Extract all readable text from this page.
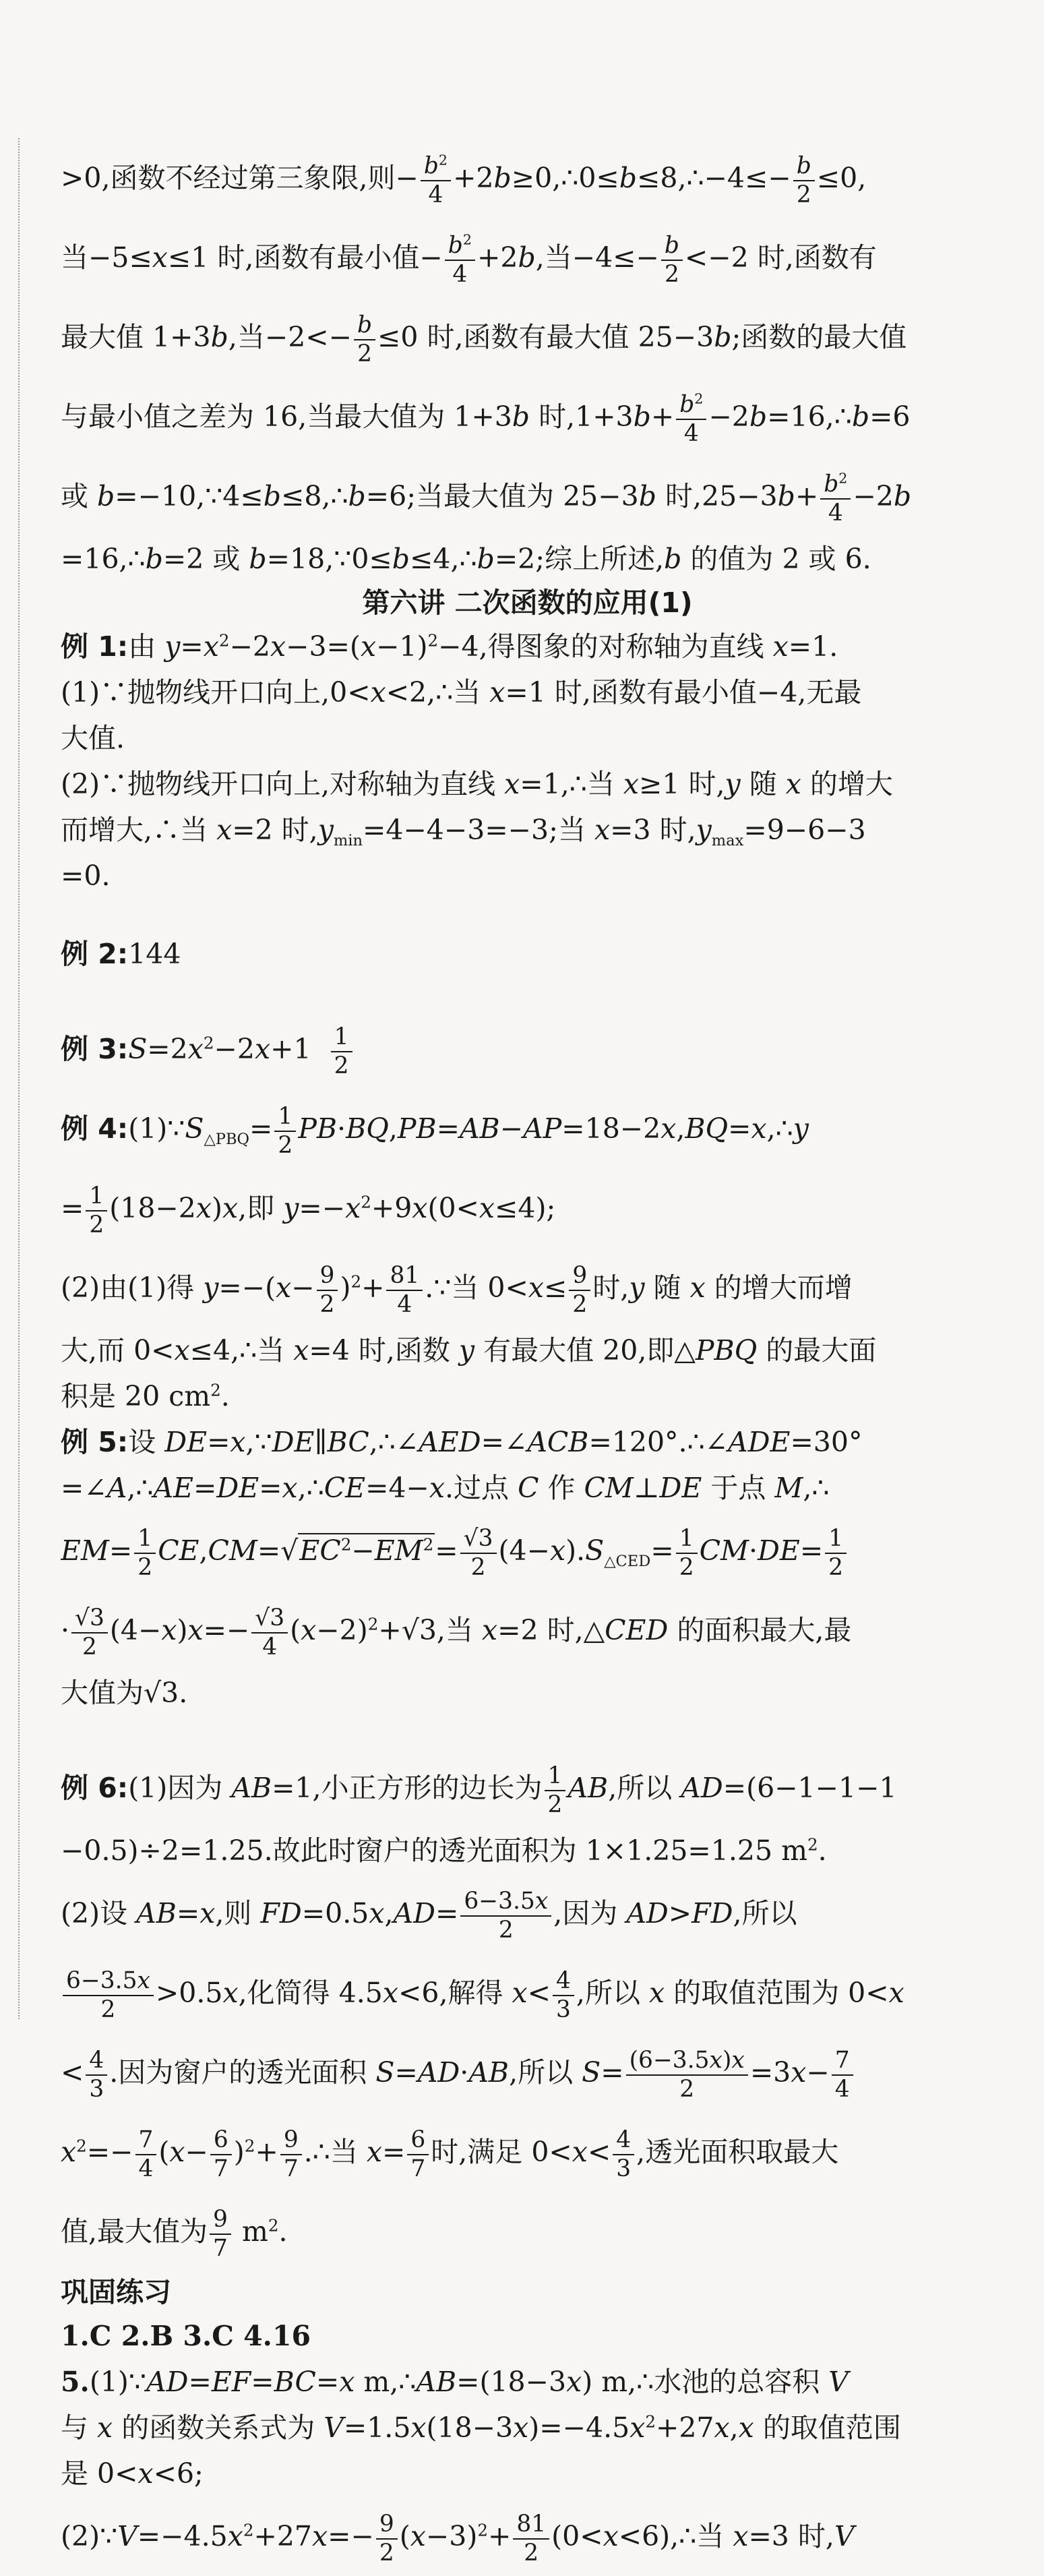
>0,函数不经过第三象限,则− $\frac{b^2}{4}$ +2b≥0,∴0≤b≤8,∴−4≤− $\frac{b}{2} \le 0$,
当−5≤x≤1 时,函数有最小值− $\frac{b^2}{4} +2b$,当$-4\le- \frac{b}{2} <-2$ 时,函数有
最大值 1+3b,当$-2<- \frac{b}{2} \le 0$ 时,函数有最大值 25−3b;函数的最大值
与最小值之差为 16,当最大值为 1+3b 时$,1+3b+ \frac{b^2}{4}$ −2b=16,∴b=6
或 b=−10,∵4≤b≤8,∴b=6;当最大值为 25−3b 时$,25-3b+ \frac{b^2}{4} -2b$
=16,∴b=2 或 b=18,∵0≤b≤4,∴b=2;综上所述,b 的值为 2 或 6.
第六讲 二次函数的应用(1)
例 1:由 $y=x^2-2x-3=(x-1)^2-4$,得图象的对称轴为直线 x=1.
(1)∵抛物线开口向上,0<x<2,∴当 x=1 时,函数有最小值−4,无最
大值.
(2)∵抛物线开口向上,对称轴为直线 x=1,∴当 x≥1 时,y 随 x 的增大
而增大,∴当 x=2 时$,y_{min}=4-4-3=-3$;当 x=3 时$,y_{max}=9-6-3$
=0.
例 2:144
例 $3:S=2x^2-2x+1 \frac{1}{2}$
例 $4:(1)\because S_{\triangle PBQ}= \frac{1}{2}$ PB·BQ,PB=AB−AP=18−2x,BQ=x,∴y
= $\frac{1}{2} (18-2x)x$,即 $y=-x^2+9x(0<x\le 4)$;
(2)由(1)得 $y=-(x- \frac{9}{2} )^2+ \frac{81}{4}$ .∵当 $0<x\le \frac{9}{2}$ 时,y 随 x 的增大而增
大,而 0<x≤4,∴当 x=4 时,函数 y 有最大值 20,即△PBQ 的最大面
积是 20 $cm^2$.
例 5:设 DE=x,∵DE∥BC,∴∠AED=∠ACB=120°.∴∠ADE=30°
=∠A,∴AE=DE=x,∴CE=4−x.过点 C 作 CM⊥DE 于点 M,∴
$EM= \frac{1}{2} CE,CM=√EC^2-EM^2= \frac{√3}{2} (4-x).S_{\triangle CED}= \frac{1}{2} CM\cdot DE= \frac{1}{2}$
· $\frac{√3}{2} (4-x)x=- \frac{√3}{4} (x-2)^2+√3$,当 x=2 时,△CED 的面积最大,最
大值为√3.
例 6:(1)因为 AB=1,小正方形的边长为 $\frac{1}{2}$ AB,所以 AD=(6−1−1−1
−0.5)÷2=1.25.故此时窗户的透光面积为 1×1.25=1.25 $m^2$.
(2)设 AB=x,则 $FD=0.5x,AD= \frac{6-3.5x}{2}$ ,因为 AD>FD,所以
$\frac{6-3.5x}{2} >0.5x$,化简得 4.5x<6,解得 $x< \frac{4}{3}$ ,所以 x 的取值范围为 0<x
< $\frac{4}{3}$ .因为窗户的透光面积 S=AD·AB,所以 $S= \frac{(6-3.5x)x}{2} =3x- \frac{7}{4}$
$x^2=- \frac{7}{4} (x- \frac{6}{7} )^2+ \frac{9}{7}$ .∴当 $x= \frac{6}{7}$ 时,满足 $0<x< \frac{4}{3}$ ,透光面积取最大
值,最大值为 $\frac{9}{7} m^2$.
巩固练习
1.C 2.B 3.C 4.16
5.(1)∵AD=EF=BC=x m,∴AB=(18−3x) m,∴水池的总容积 V
与 x 的函数关系式为 $V=1.5x(18-3x)=-4.5x^2+27x,x$ 的取值范围
是 0<x<6;
$(2)\because V=-4.5x^2+27x=- \frac{9}{2} (x-3)^2+ \frac{81}{2}$ (0<x<6),∴当 x=3 时,V
